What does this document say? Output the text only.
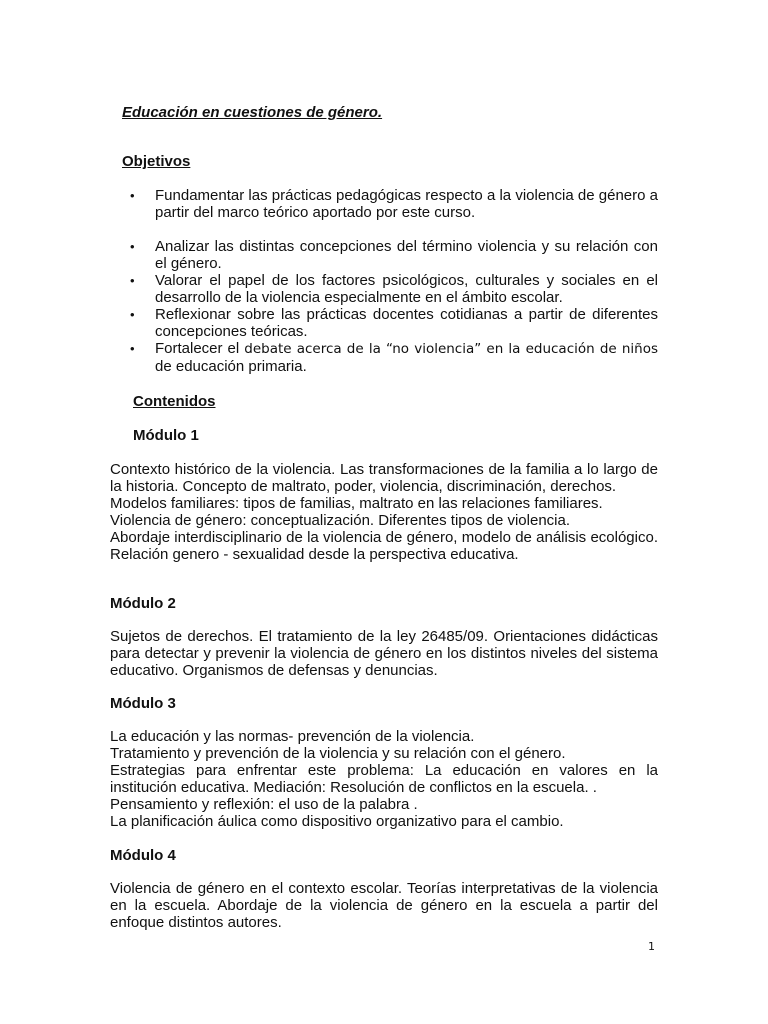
Educación en cuestiones de género.
Objetivos
• Fundamentar las prácticas pedagógicas respecto a la violencia de género a partir del marco teórico aportado por este curso.
• Analizar las distintas concepciones del término violencia y su relación con el género.
• Valorar el papel de los factores psicológicos, culturales y sociales en el desarrollo de la violencia especialmente en el ámbito escolar.
• Reflexionar sobre las prácticas docentes cotidianas a partir de diferentes concepciones teóricas.
• Fortalecer el debate acerca de la “no violencia” en la educación de niños de educación primaria.
Contenidos
Módulo 1
Contexto histórico de la violencia. Las transformaciones de la familia a lo largo de la historia. Concepto de maltrato, poder, violencia, discriminación, derechos.
Modelos familiares: tipos de familias, maltrato en las relaciones familiares.
Violencia de género: conceptualización. Diferentes tipos de violencia.
Abordaje interdisciplinario de la violencia de género, modelo de análisis ecológico. Relación genero - sexualidad desde la perspectiva educativa.
Módulo 2
Sujetos de derechos. El tratamiento de la ley 26485/09. Orientaciones didácticas para detectar y prevenir la violencia de género en los distintos niveles del sistema educativo. Organismos de defensas y denuncias.
Módulo 3
La educación y las normas- prevención de la violencia.
Tratamiento y prevención de la violencia y su relación con el género.
Estrategias para enfrentar este problema: La educación en valores en la institución educativa. Mediación: Resolución de conflictos en la escuela. .
Pensamiento y reflexión: el uso de la palabra .
La planificación áulica como dispositivo organizativo para el cambio.
Módulo 4
Violencia de género en el contexto escolar. Teorías interpretativas de la violencia en la escuela. Abordaje de la violencia de género en la escuela a partir del enfoque distintos autores.
1
